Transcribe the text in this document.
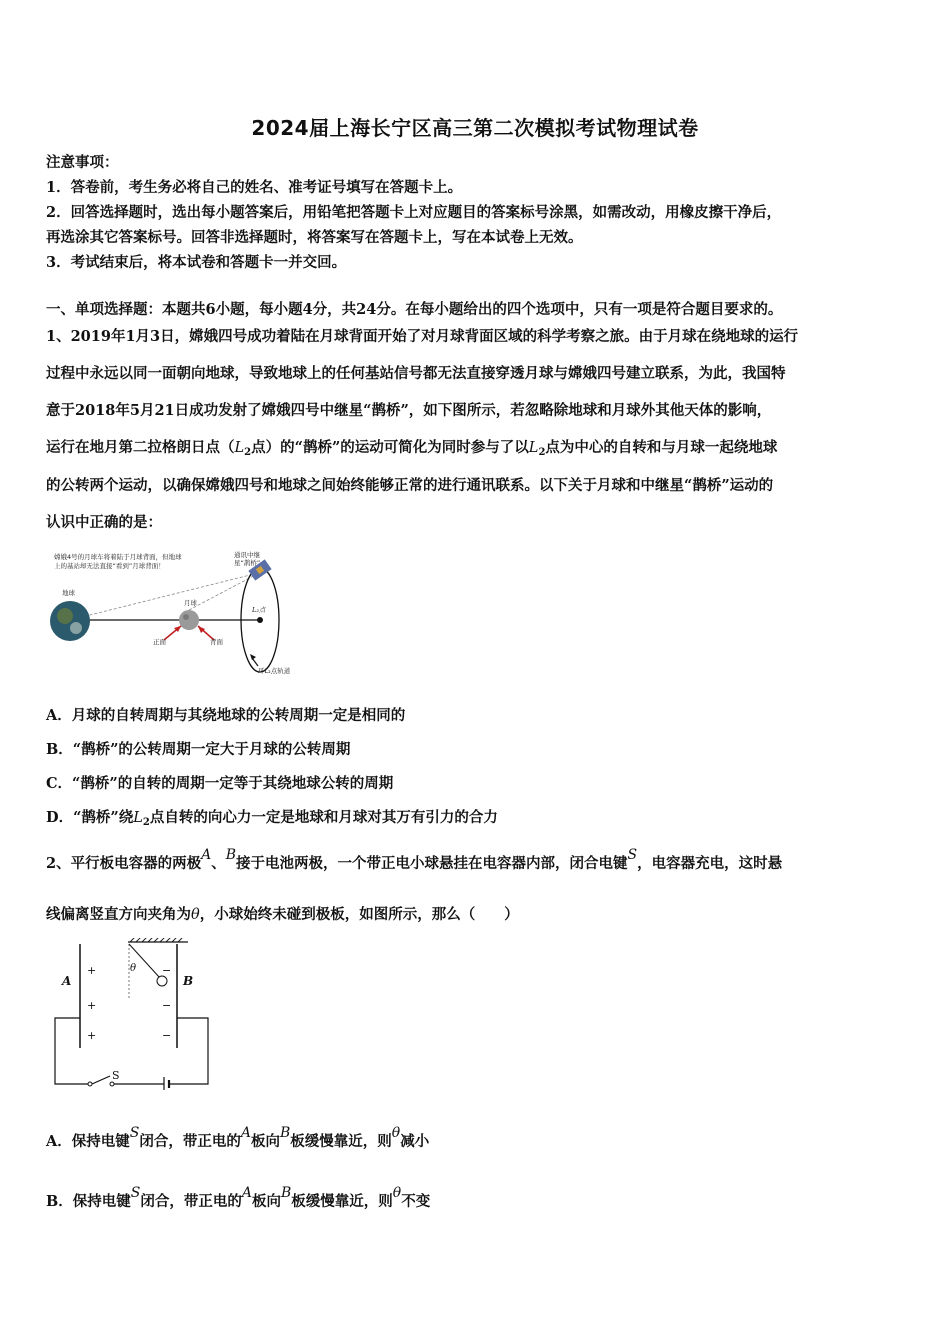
2024届上海长宁区高三第二次模拟考试物理试卷
注意事项：
1．答卷前，考生务必将自己的姓名、准考证号填写在答题卡上。
2．回答选择题时，选出每小题答案后，用铅笔把答题卡上对应题目的答案标号涂黑，如需改动，用橡皮擦干净后，
再选涂其它答案标号。回答非选择题时，将答案写在答题卡上，写在本试卷上无效。
3．考试结束后，将本试卷和答题卡一并交回。
一、单项选择题：本题共6小题，每小题4分，共24分。在每小题给出的四个选项中，只有一项是符合题目要求的。
1、2019年1月3日，嫦娥四号成功着陆在月球背面开始了对月球背面区域的科学考察之旅。由于月球在绕地球的运行
过程中永远以同一面朝向地球，导致地球上的任何基站信号都无法直接穿透月球与嫦娥四号建立联系，为此，我国特
意于2018年5月21日成功发射了嫦娥四号中继星“鹊桥”，如下图所示，若忽略除地球和月球外其他天体的影响，
运行在地月第二拉格朗日点（$L_2$点）的“鹊桥”的运动可简化为同时参与了以$L_2$点为中心的自转和与月球一起绕地球
的公转两个运动，以确保嫦娥四号和地球之间始终能够正常的进行通讯联系。以下关于月球和中继星“鹊桥”运动的
认识中正确的是：
嫦娥4号的月球车将着陆于月球背面，但地球
上的基站却无法直接“看到”月球背面！
通讯中继
星“鹊桥”
地球
月球
正面	背面
L₂点
环L₂点轨道
A．月球的自转周期与其绕地球的公转周期一定是相同的
B．“鹊桥”的公转周期一定大于月球的公转周期
C．“鹊桥”的自转的周期一定等于其绕地球公转的周期
D．“鹊桥”绕$L_2$点自转的向心力一定是地球和月球对其万有引力的合力
2、平行板电容器的两极A、B接于电池两极，一个带正电小球悬挂在电容器内部，闭合电键S，电容器充电，这时悬
线偏离竖直方向夹角为θ，小球始终未碰到极板，如图所示，那么（　　）
θ
A	B
+
+
+
−
−
−
S
A．保持电键S闭合，带正电的A板向B板缓慢靠近，则θ减小
B．保持电键S闭合，带正电的A板向B板缓慢靠近，则θ不变
